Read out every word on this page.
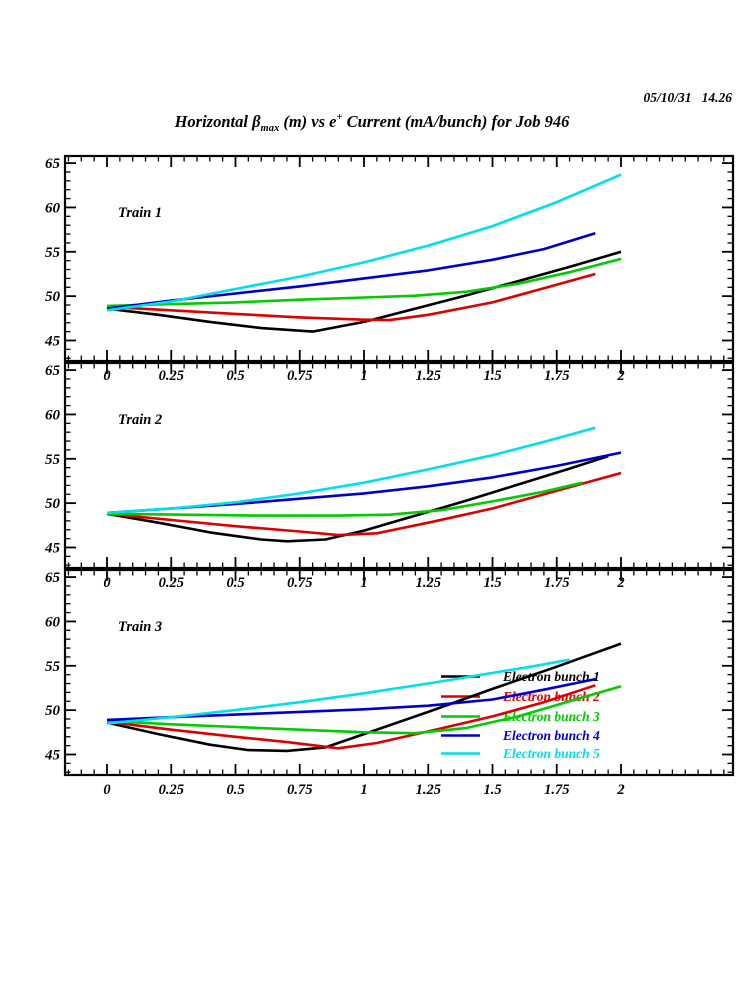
05/10/31   14.26
Horizontal $\beta_{max}$ (m) vs e+ Current (mA/bunch) for Job 946
45
50
55
60
65
0	0.25	0.5	0.75	1	1.25	1.5	1.75	2
Train 1
45
50
55
60
65
0	0.25	0.5	0.75	1	1.25	1.5	1.75	2
Train 2
45
50
55
60
65
0	0.25	0.5	0.75	1	1.25	1.5	1.75	2
Train 3
Electron bunch 1
Electron bunch 2
Electron bunch 3
Electron bunch 4
Electron bunch 5
